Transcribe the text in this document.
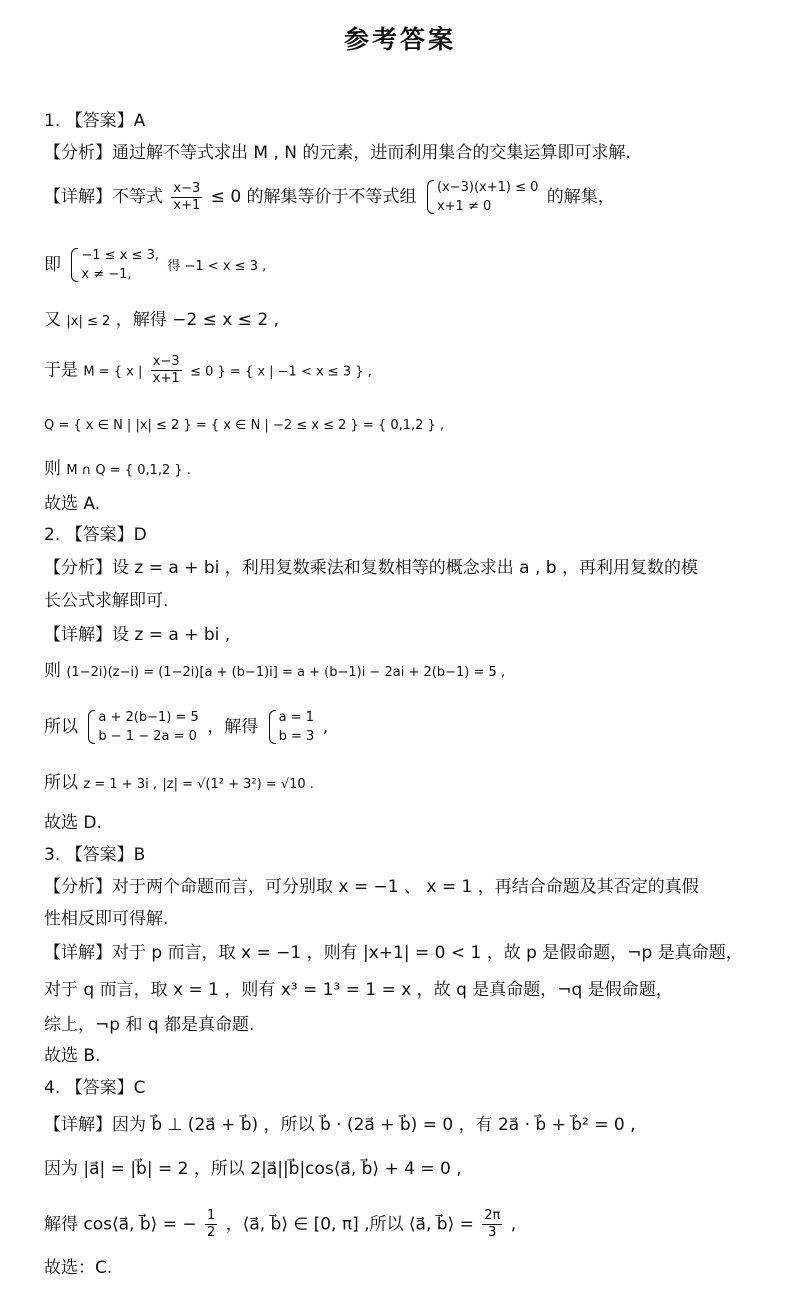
参考答案
1. 【答案】A
【分析】通过解不等式求出 M , N 的元素，进而利用集合的交集运算即可求解.
【详解】不等式 $\frac{x-3}{x+1} \le 0$ 的解集等价于不等式组 (x−3)(x+1) ≤ 0
x+1 ≠ 0	的解集，
即 −1 ≤ x ≤ 3,
x ≠ −1,
得 −1 < x ≤ 3 ,
又 |x| ≤ 2 ，解得 −2 ≤ x ≤ 2 ,
于是 M = { x | $\frac{x-3}{x+1} \le 0$ } = { x | −1 < x ≤ 3 } ,
Q = { x ∈ N | |x| ≤ 2 } = { x ∈ N | −2 ≤ x ≤ 2 } = { 0,1,2 } ,
则 M ∩ Q = { 0,1,2 } .
故选 A.
2. 【答案】D
【分析】设 z = a + bi ，利用复数乘法和复数相等的概念求出 a , b ，再利用复数的模
长公式求解即可.
【详解】设 z = a + bi ,
则 (1−2i)(z−i) = (1−2i)[a + (b−1)i] = a + (b−1)i − 2ai + 2(b−1) = 5 ,
所以 a + 2(b−1) = 5
b − 1 − 2a = 0 ，解得 a = 1
b = 3 ,
所以 z = 1 + 3i , |z| = √(1² + 3²) = √10 .
故选 D.
3. 【答案】B
【分析】对于两个命题而言，可分别取 x = −1 、 x = 1 ，再结合命题及其否定的真假
性相反即可得解.
【详解】对于 p 而言，取 x = −1 ，则有 |x+1| = 0 < 1 ，故 p 是假命题，¬p 是真命题，
对于 q 而言，取 x = 1 ，则有 x³ = 1³ = 1 = x ，故 q 是真命题，¬q 是假命题，
综上，¬p 和 q 都是真命题.
故选 B.
4. 【答案】C
【详解】因为 b⃗ ⊥ (2a⃗ + b⃗) ，所以 b⃗ · (2a⃗ + b⃗) = 0 ，有 2a⃗ · b⃗ + b⃗² = 0 ,
因为 |a⃗| = |b⃗| = 2 ，所以 2|a⃗||b⃗|cos⟨a⃗, b⃗⟩ + 4 = 0 ,
解得 cos⟨a⃗, b⃗⟩ = − $\frac{1}{2}$ ，⟨a⃗, b⃗⟩ ∈ [0, π] ,所以 ⟨a⃗, b⃗⟩ = $\frac{2\pi}{3}$ ,
故选：C.
